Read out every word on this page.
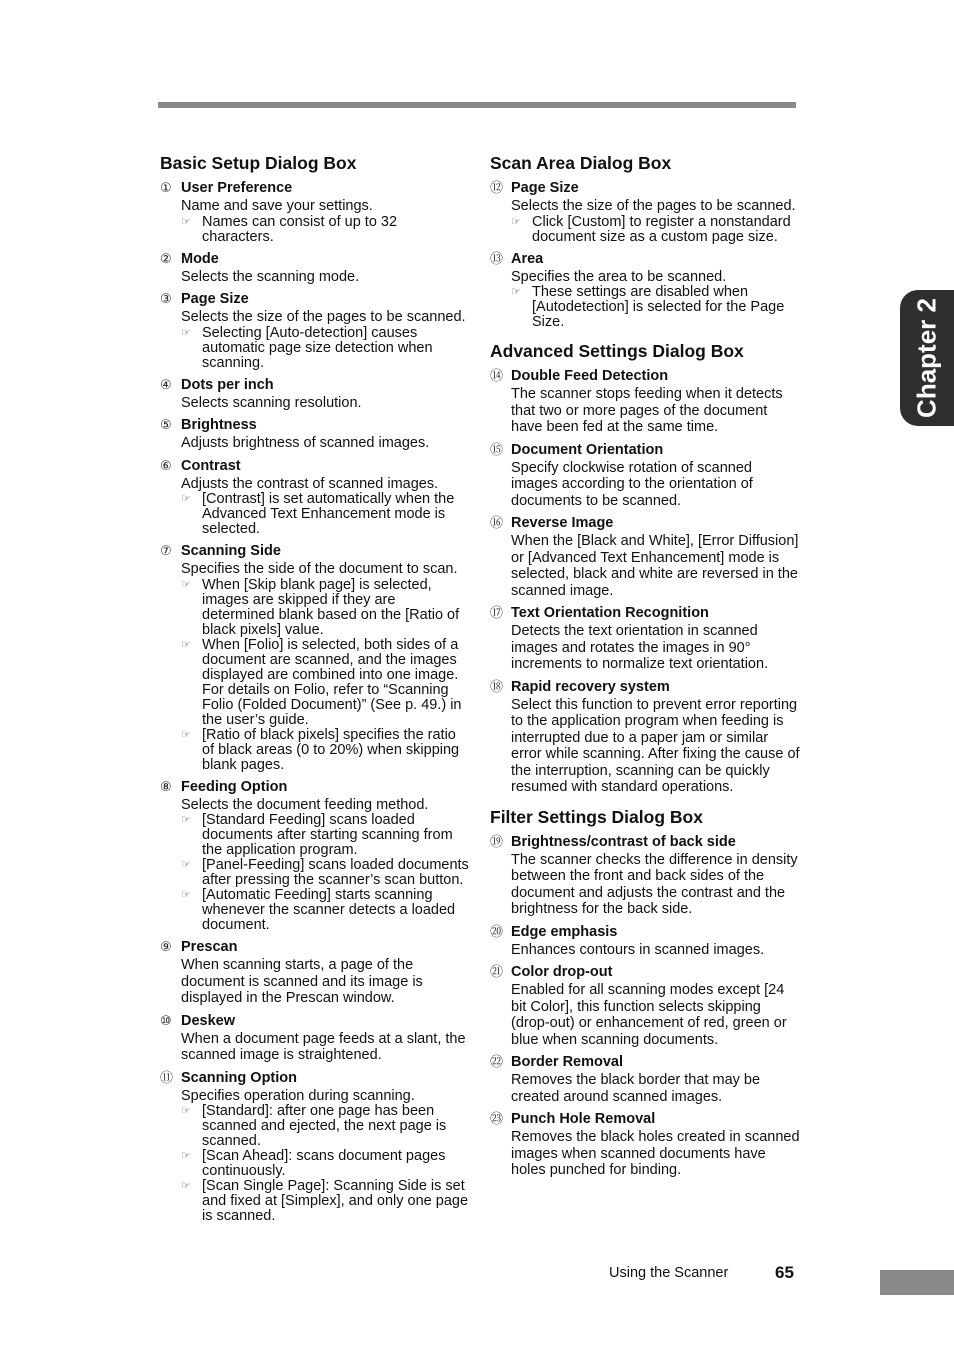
Basic Setup Dialog Box
① User Preference
Name and save your settings.
☞ Names can consist of up to 32 characters.
② Mode
Selects the scanning mode.
③ Page Size
Selects the size of the pages to be scanned.
☞ Selecting [Auto-detection] causes automatic page size detection when scanning.
④ Dots per inch
Selects scanning resolution.
⑤ Brightness
Adjusts brightness of scanned images.
⑥ Contrast
Adjusts the contrast of scanned images.
☞ [Contrast] is set automatically when the Advanced Text Enhancement mode is selected.
⑦ Scanning Side
Specifies the side of the document to scan.
☞ When [Skip blank page] is selected, images are skipped if they are determined blank based on the [Ratio of black pixels] value.
☞ When [Folio] is selected, both sides of a document are scanned, and the images displayed are combined into one image. For details on Folio, refer to “Scanning Folio (Folded Document)” (See p. 49.) in the user’s guide.
☞ [Ratio of black pixels] specifies the ratio of black areas (0 to 20%) when skipping blank pages.
⑧ Feeding Option
Selects the document feeding method.
☞ [Standard Feeding] scans loaded documents after starting scanning from the application program.
☞ [Panel-Feeding] scans loaded documents after pressing the scanner’s scan button.
☞ [Automatic Feeding] starts scanning whenever the scanner detects a loaded document.
⑨ Prescan
When scanning starts, a page of the document is scanned and its image is displayed in the Prescan window.
⑩ Deskew
When a document page feeds at a slant, the scanned image is straightened.
⑪ Scanning Option
Specifies operation during scanning.
☞ [Standard]: after one page has been scanned and ejected, the next page is scanned.
☞ [Scan Ahead]: scans document pages continuously.
☞ [Scan Single Page]: Scanning Side is set and fixed at [Simplex], and only one page is scanned.
Scan Area Dialog Box
⑫ Page Size
Selects the size of the pages to be scanned.
☞ Click [Custom] to register a nonstandard document size as a custom page size.
⑬ Area
Specifies the area to be scanned.
☞ These settings are disabled when [Autodetection] is selected for the Page Size.
Advanced Settings Dialog Box
⑭ Double Feed Detection
The scanner stops feeding when it detects that two or more pages of the document have been fed at the same time.
⑮ Document Orientation
Specify clockwise rotation of scanned images according to the orientation of documents to be scanned.
⑯ Reverse Image
When the [Black and White], [Error Diffusion] or [Advanced Text Enhancement] mode is selected, black and white are reversed in the scanned image.
⑰ Text Orientation Recognition
Detects the text orientation in scanned images and rotates the images in 90° increments to normalize text orientation.
⑱ Rapid recovery system
Select this function to prevent error reporting to the application program when feeding is interrupted due to a paper jam or similar error while scanning. After fixing the cause of the interruption, scanning can be quickly resumed with standard operations.
Filter Settings Dialog Box
⑲ Brightness/contrast of back side
The scanner checks the difference in density between the front and back sides of the document and adjusts the contrast and the brightness for the back side.
⑳ Edge emphasis
Enhances contours in scanned images.
㉑ Color drop-out
Enabled for all scanning modes except [24 bit Color], this function selects skipping (drop-out) or enhancement of red, green or blue when scanning documents.
㉒ Border Removal
Removes the black border that may be created around scanned images.
㉓ Punch Hole Removal
Removes the black holes created in scanned images when scanned documents have holes punched for binding.
Chapter 2
Using the Scanner	65
